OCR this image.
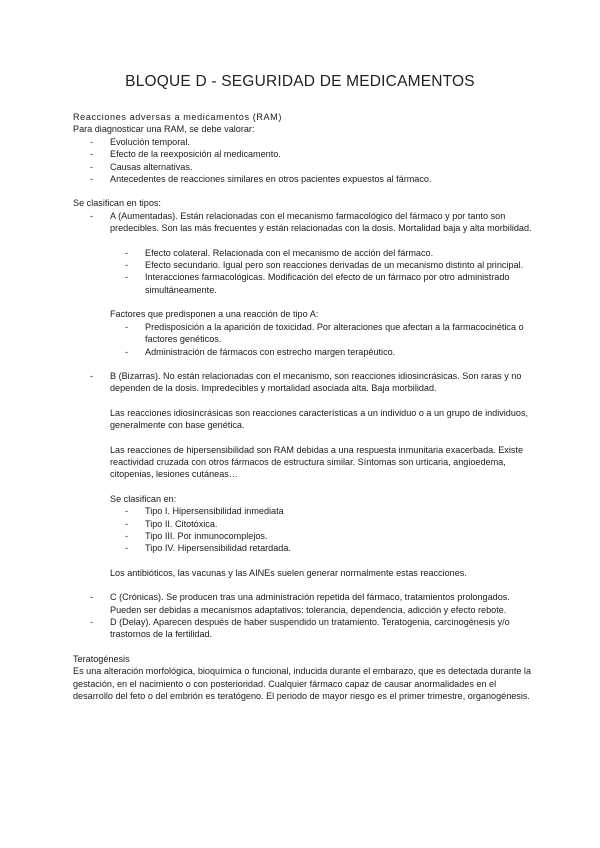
BLOQUE D - SEGURIDAD DE MEDICAMENTOS

Reacciones adversas a medicamentos (RAM)

Para diagnosticar una RAM, se debe valorar:

- Evolución temporal.
- Efecto de la reexposición al medicamento.
- Causas alternativas.
- Antecedentes de reacciones similares en otros pacientes expuestos al fármaco.

Se clasifican en tipos:

- A (Aumentadas). Están relacionadas con el mecanismo farmacológico del fármaco y por tanto son predecibles. Son las más frecuentes y están relacionadas con la dosis. Mortalidad baja y alta morbilidad.

- Efecto colateral. Relacionada con el mecanismo de acción del fármaco.
- Efecto secundario. Igual pero son reacciones derivadas de un mecanismo distinto al principal.
- Interacciones farmacológicas. Modificación del efecto de un fármaco por otro administrado simultáneamente.

Factores que predisponen a una reacción de tipo A:

- Predisposición a la aparición de toxicidad. Por alteraciones que afectan a la farmacocinética o factores genéticos.
- Administración de fármacos con estrecho margen terapéutico.
- B (Bizarras). No están relacionadas con el mecanismo, son reacciones idiosincrásicas. Son raras y no dependen de la dosis. Impredecibles y mortalidad asociada alta. Baja morbilidad.

Las reacciones idiosincrásicas son reacciones características a un individuo o a un grupo de individuos, generalmente con base genética.

Las reacciones de hipersensibilidad son RAM debidas a una respuesta inmunitaria exacerbada. Existe reactividad cruzada con otros fármacos de estructura similar. Síntomas son urticaria, angioedema, citopenias, lesiones cutáneas…

Se clasifican en:

- Tipo I. Hipersensibilidad inmediata
- Tipo II. Citotóxica.
- Tipo III. Por inmunocomplejos.
- Tipo IV. Hipersensibilidad retardada.

Los antibióticos, las vacunas y las AINEs suelen generar normalmente estas reacciones.

- C (Crónicas). Se producen tras una administración repetida del fármaco, tratamientos prolongados. Pueden ser debidas a mecanismos adaptativos: tolerancia, dependencia, adicción y efecto rebote.

- D (Delay). Aparecen después de haber suspendido un tratamiento. Teratogenia, carcinogénesis y/o trastornos de la fertilidad.

Teratogénesis

Es una alteración morfológica, bioquímica o funcional, inducida durante el embarazo, que es detectada durante la gestación, en el nacimiento o con posterioridad. Cualquier fármaco capaz de causar anormalidades en el desarrollo del feto o del embrión es teratógeno. El periodo de mayor riesgo es el primer trimestre, organogénesis.
